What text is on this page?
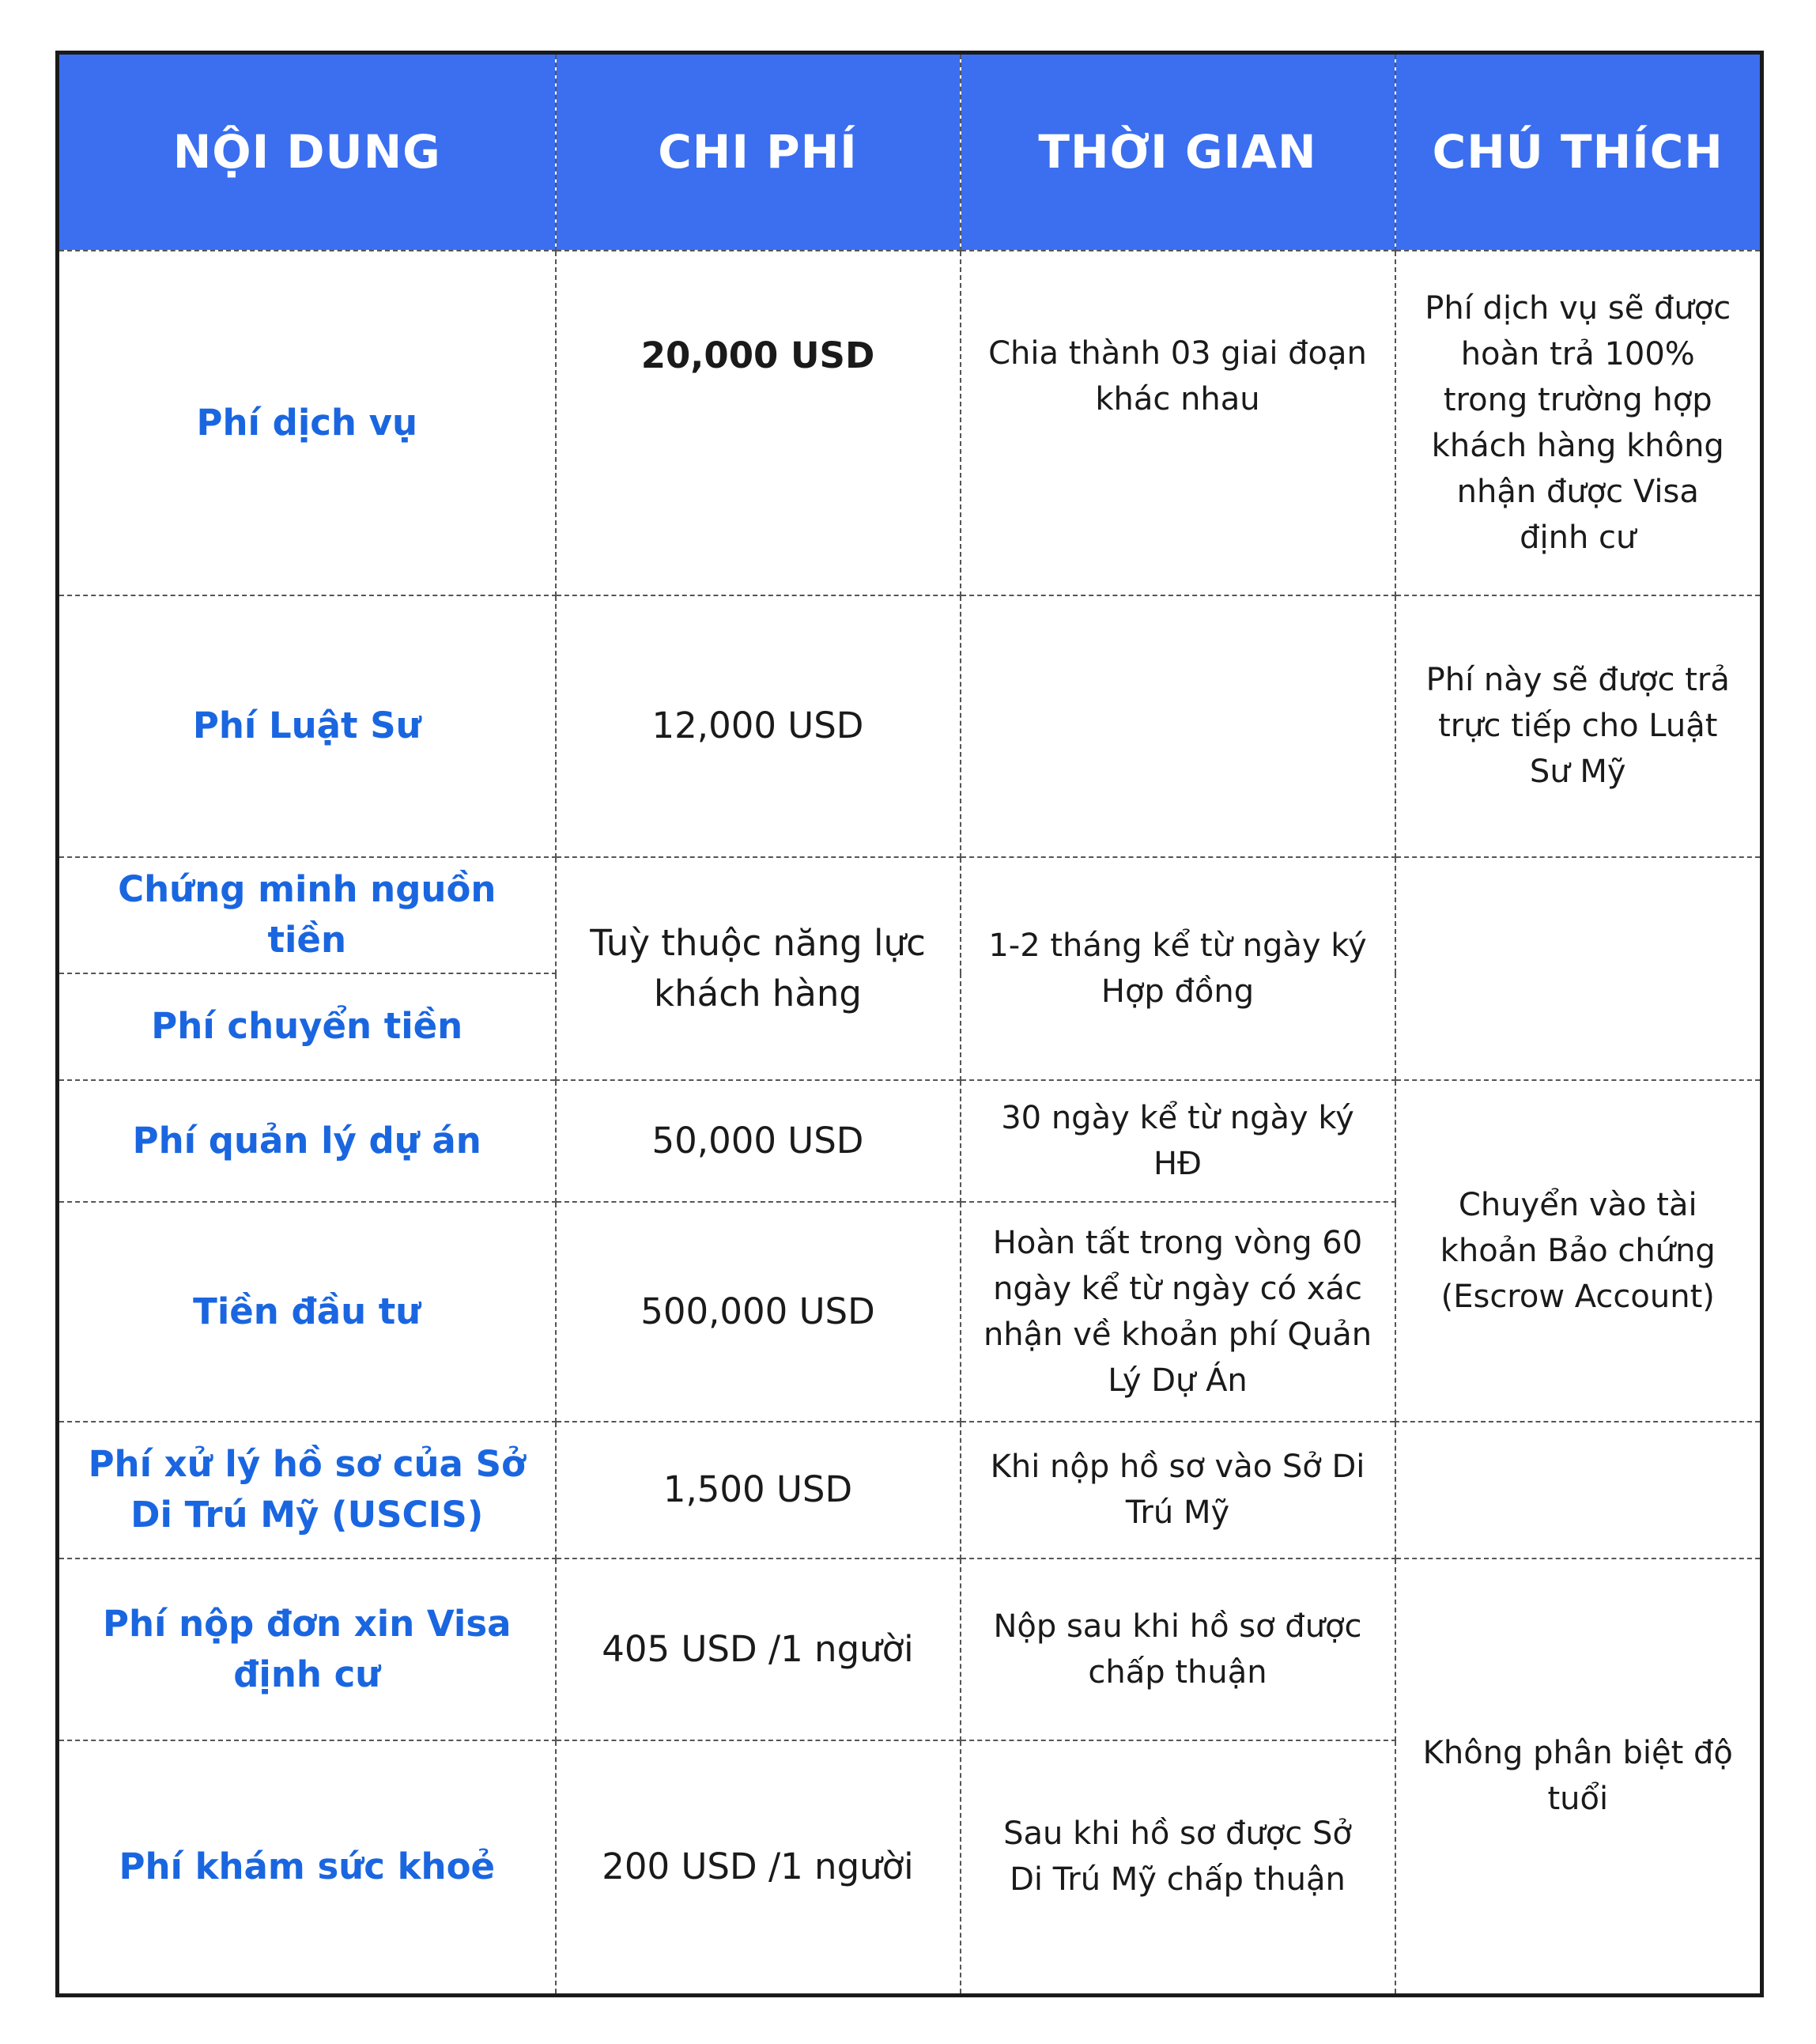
NỘI DUNG	CHI PHÍ	THỜI GIAN	CHÚ THÍCH
Phí dịch vụ	20,000 USD	Chia thành 03 giai đoạn khác nhau	Phí dịch vụ sẽ được hoàn trả 100% trong trường hợp khách hàng không nhận được Visa định cư
Phí Luật Sư	12,000 USD		Phí này sẽ được trả trực tiếp cho Luật Sư Mỹ
Chứng minh nguồn tiền	Tuỳ thuộc năng lực khách hàng	1-2 tháng kể từ ngày ký Hợp đồng	
Phí chuyển tiền			
Phí quản lý dự án	50,000 USD	30 ngày kể từ ngày ký HĐ	Chuyển vào tài khoản Bảo chứng (Escrow Account)
Tiền đầu tư	500,000 USD	Hoàn tất trong vòng 60 ngày kể từ ngày có xác nhận về khoản phí Quản Lý Dự Án	
Phí xử lý hồ sơ của Sở Di Trú Mỹ (USCIS)	1,500 USD	Khi nộp hồ sơ vào Sở Di Trú Mỹ	
Phí nộp đơn xin Visa định cư	405 USD /1 người	Nộp sau khi hồ sơ được chấp thuận	Không phân biệt độ tuổi
Phí khám sức khoẻ	200 USD /1 người	Sau khi hồ sơ được Sở Di Trú Mỹ chấp thuận	
